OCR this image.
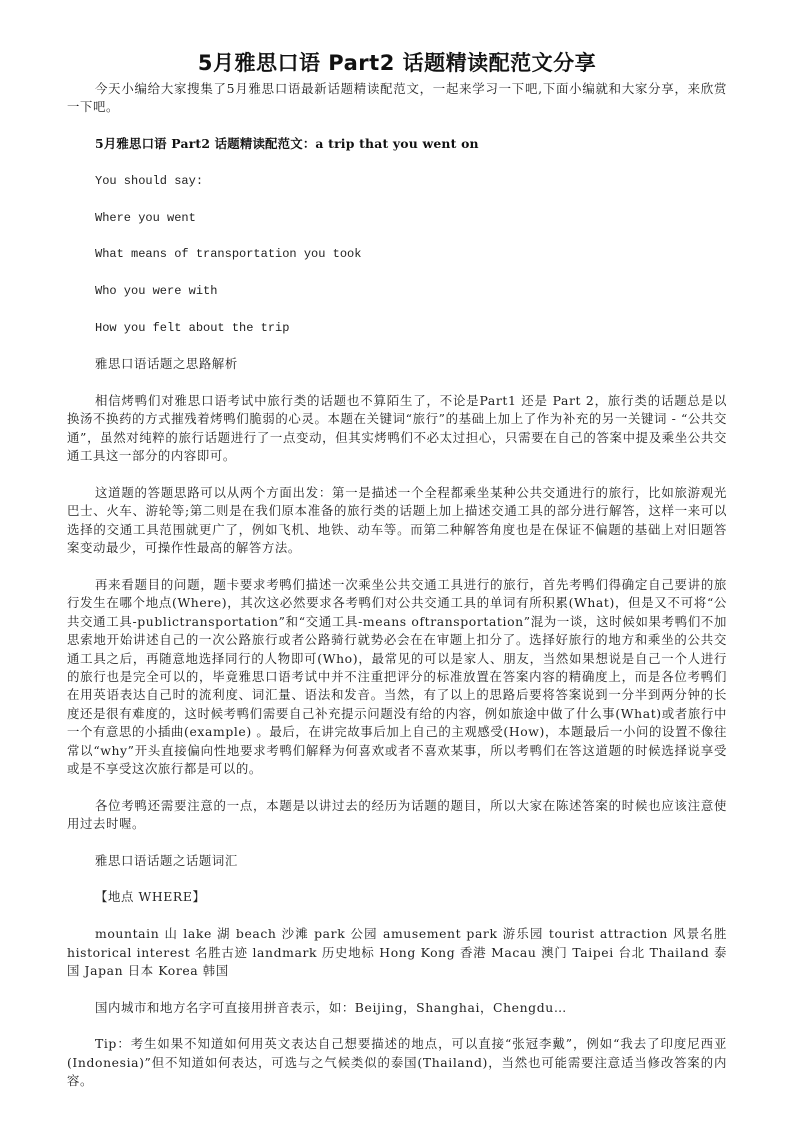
5月雅思口语 Part2 话题精读配范文分享

今天小编给大家搜集了5月雅思口语最新话题精读配范文，一起来学习一下吧,下面小编就和大家分享，来欣赏一下吧。

5月雅思口语 Part2 话题精读配范文：a trip that you went on

You should say:

Where you went

What means of transportation you took

Who you were with

How you felt about the trip

雅思口语话题之思路解析

相信烤鸭们对雅思口语考试中旅行类的话题也不算陌生了，不论是Part1 还是 Part 2，旅行类的话题总是以换汤不换药的方式摧残着烤鸭们脆弱的心灵。本题在关键词“旅行”的基础上加上了作为补充的另一关键词 - “公共交通”，虽然对纯粹的旅行话题进行了一点变动，但其实烤鸭们不必太过担心，只需要在自己的答案中提及乘坐公共交通工具这一部分的内容即可。

这道题的答题思路可以从两个方面出发：第一是描述一个全程都乘坐某种公共交通进行的旅行，比如旅游观光巴士、火车、游轮等;第二则是在我们原本准备的旅行类的话题上加上描述交通工具的部分进行解答，这样一来可以选择的交通工具范围就更广了，例如飞机、地铁、动车等。而第二种解答角度也是在保证不偏题的基础上对旧题答案变动最少，可操作性最高的解答方法。

再来看题目的问题，题卡要求考鸭们描述一次乘坐公共交通工具进行的旅行，首先考鸭们得确定自己要讲的旅行发生在哪个地点(Where)，其次这必然要求各考鸭们对公共交通工具的单词有所积累(What)，但是又不可将“公共交通工具-publictransportation”和“交通工具-means oftransportation”混为一谈，这时候如果考鸭们不加思索地开始讲述自己的一次公路旅行或者公路骑行就势必会在在审题上扣分了。选择好旅行的地方和乘坐的公共交通工具之后，再随意地选择同行的人物即可(Who)，最常见的可以是家人、朋友，当然如果想说是自己一个人进行的旅行也是完全可以的，毕竟雅思口语考试中并不注重把评分的标准放置在答案内容的精确度上，而是各位考鸭们在用英语表达自己时的流利度、词汇量、语法和发音。当然，有了以上的思路后要将答案说到一分半到两分钟的长度还是很有难度的，这时候考鸭们需要自己补充提示问题没有给的内容，例如旅途中做了什么事(What)或者旅行中一个有意思的小插曲(example) 。最后，在讲完故事后加上自己的主观感受(How)，本题最后一小问的设置不像往常以“why”开头直接偏向性地要求考鸭们解释为何喜欢或者不喜欢某事，所以考鸭们在答这道题的时候选择说享受或是不享受这次旅行都是可以的。

各位考鸭还需要注意的一点，本题是以讲过去的经历为话题的题目，所以大家在陈述答案的时候也应该注意使用过去时喔。

雅思口语话题之话题词汇

【地点 WHERE】

mountain 山 lake 湖 beach 沙滩 park 公园 amusement park 游乐园 tourist attraction 风景名胜 historical interest 名胜古迹 landmark 历史地标 Hong Kong 香港 Macau 澳门 Taipei 台北 Thailand 泰国 Japan 日本 Korea 韩国

国内城市和地方名字可直接用拼音表示，如：Beijing，Shanghai，Chengdu…

Tip：考生如果不知道如何用英文表达自己想要描述的地点，可以直接“张冠李戴”，例如“我去了印度尼西亚(Indonesia)”但不知道如何表达，可选与之气候类似的泰国(Thailand)，当然也可能需要注意适当修改答案的内容。
